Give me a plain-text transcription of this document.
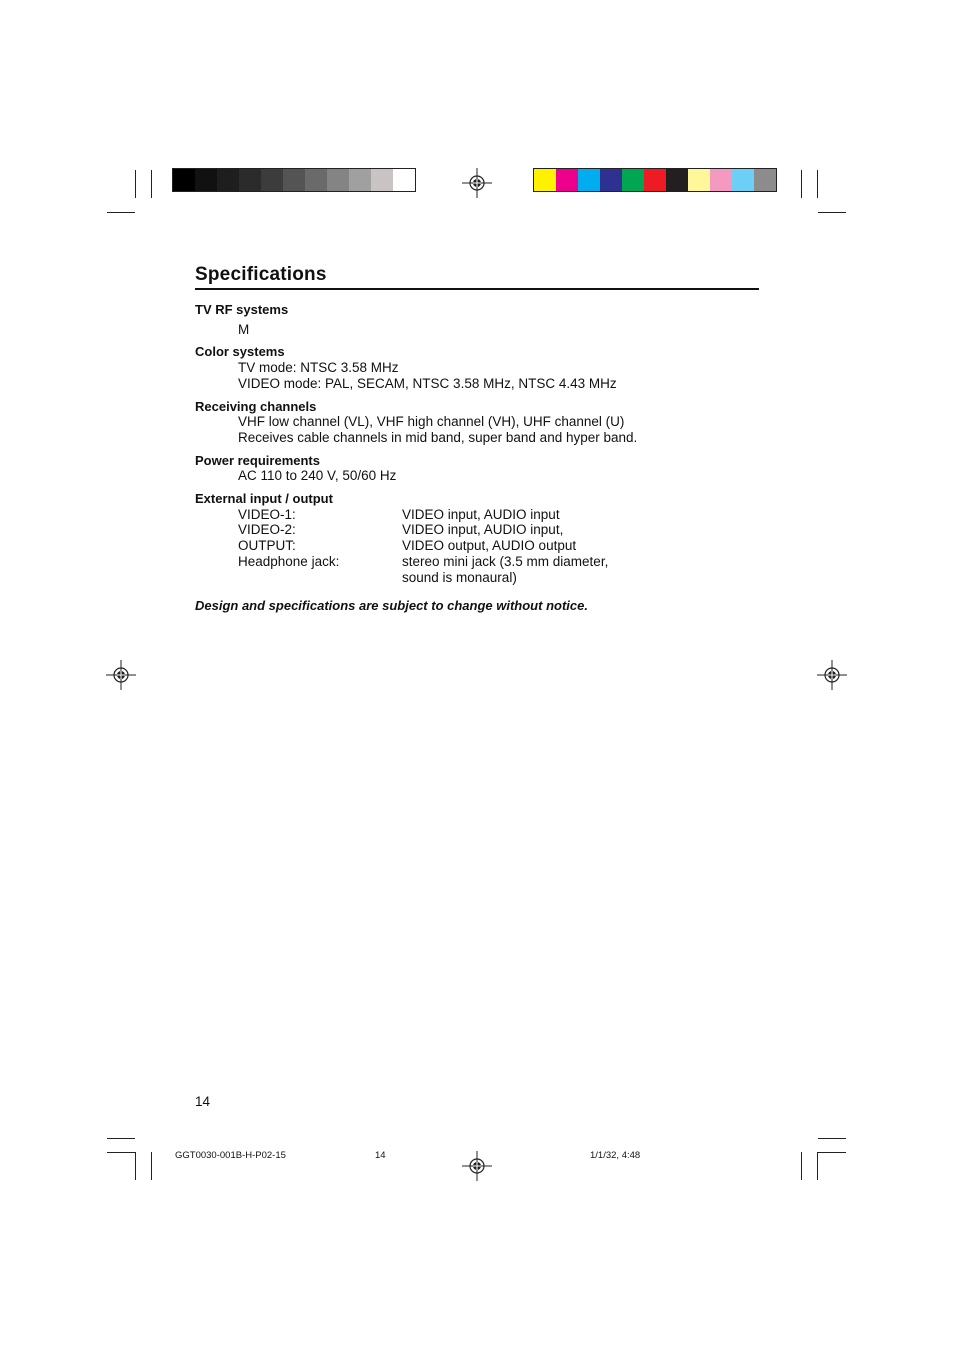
Specifications
TV RF systems
M
Color systems
TV mode: NTSC 3.58 MHz
VIDEO mode: PAL, SECAM, NTSC 3.58 MHz, NTSC 4.43 MHz
Receiving channels
VHF low channel (VL), VHF high channel (VH), UHF channel (U)
Receives cable channels in mid band, super band and hyper band.
Power requirements
AC 110 to 240 V, 50/60 Hz
External input / output
VIDEO-1:	VIDEO input, AUDIO input
VIDEO-2:	VIDEO input, AUDIO input,
OUTPUT:	VIDEO output, AUDIO output
Headphone jack:	stereo mini jack (3.5 mm diameter, sound is monaural)
Design and specifications are subject to change without notice.
14
GGT0030-001B-H-P02-15	14	1/1/32, 4:48
